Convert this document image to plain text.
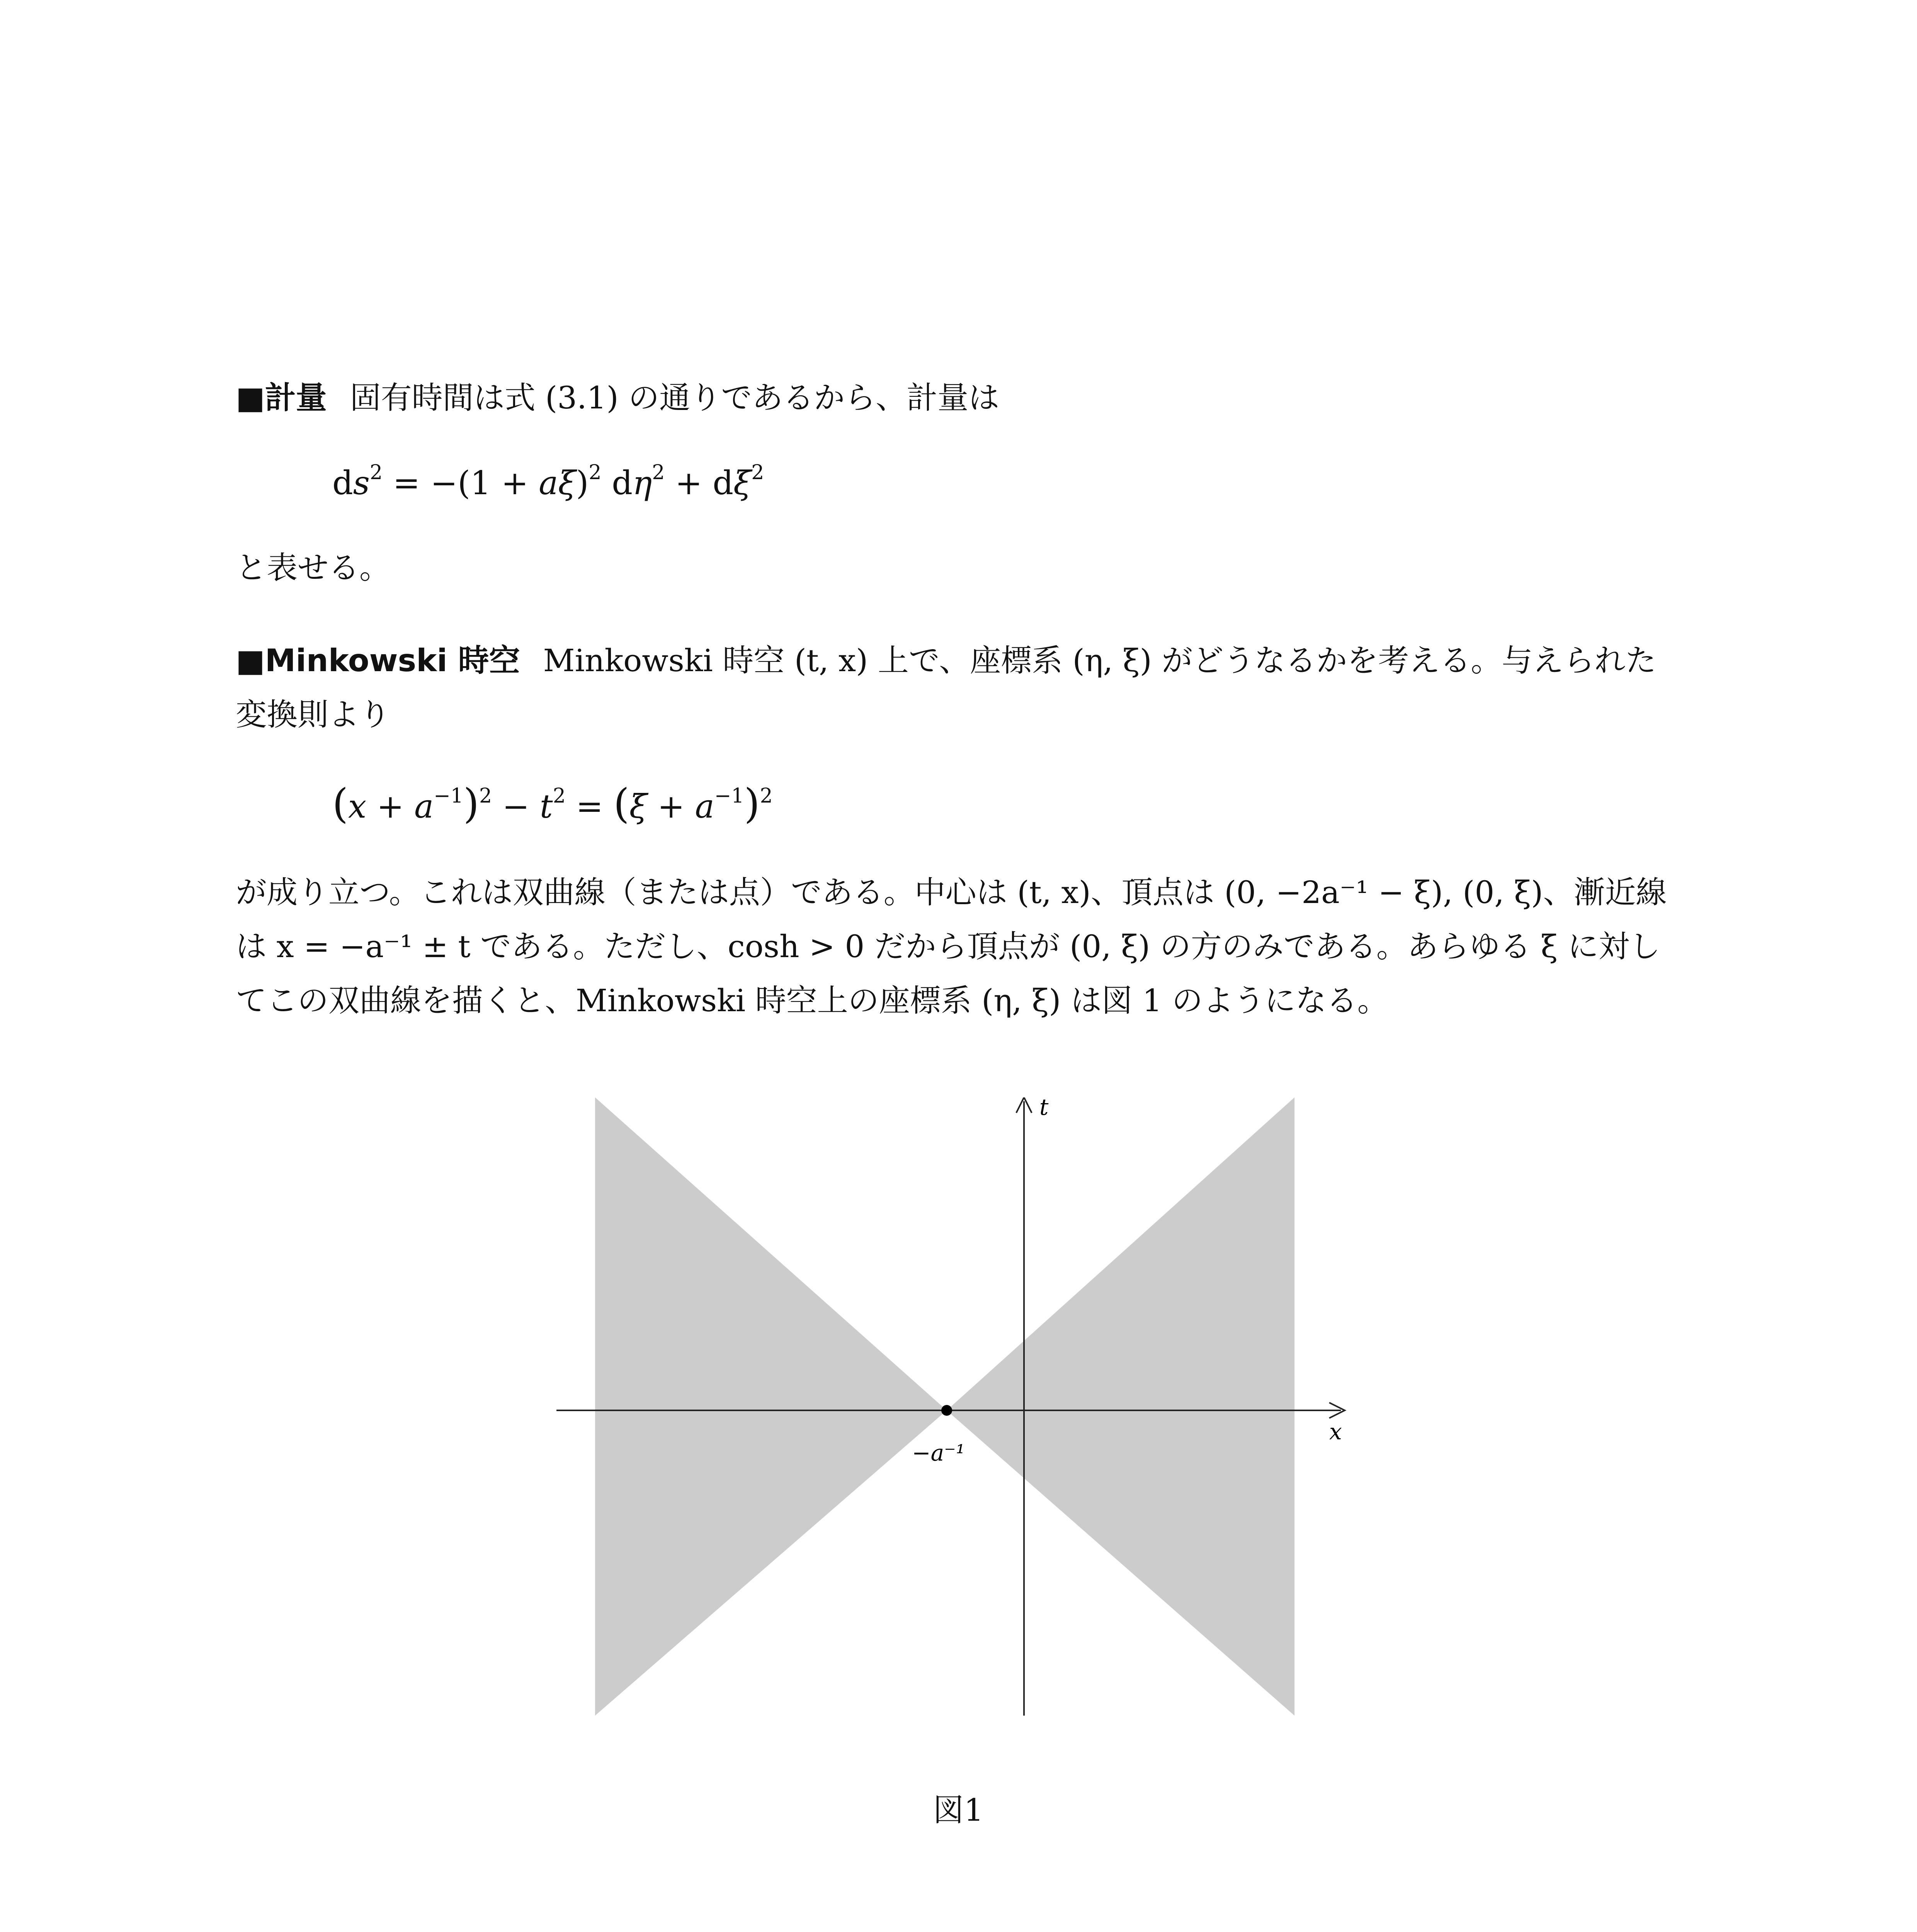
■計量 固有時間は式 (3.1) の通りであるから、計量は
$ds^2 = -(1 + a\xi)^2$ $d\eta^2 + d\xi^2$
と表せる。
■Minkowski 時空 Minkowski 時空 (t, x) 上で、座標系 (η, ξ) がどうなるかを考える。与えられた変換則より
$(x + a^{-1})^2 - t^2 = (\xi + a^{-1})^2$
が成り立つ。これは双曲線（または点）である。中心は (t, x)、頂点は (0, −2a⁻¹ − ξ), (0, ξ)、漸近線は x = −a⁻¹ ± t である。ただし、cosh > 0 だから頂点が (0, ξ) の方のみである。あらゆる ξ に対してこの双曲線を描くと、Minkowski 時空上の座標系 (η, ξ) は図 1 のようになる。
x
t
−a⁻¹
図1
